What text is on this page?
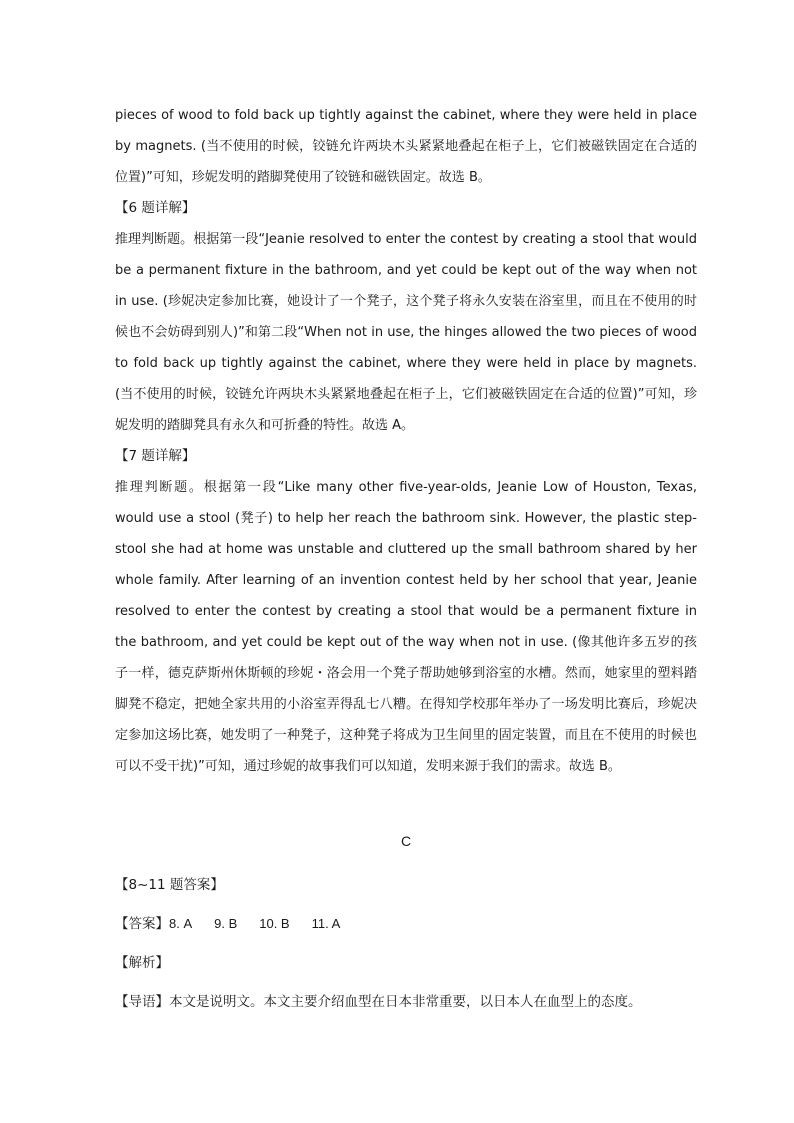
pieces of wood to fold back up tightly against the cabinet, where they were held in place by magnets. (当不使用的时候，铰链允许两块木头紧紧地叠起在柜子上，它们被磁铁固定在合适的位置)”可知，珍妮发明的踏脚凳使用了铰链和磁铁固定。故选 B。

【6 题详解】

推理判断题。根据第一段“Jeanie resolved to enter the contest by creating a stool that would be a permanent fixture in the bathroom, and yet could be kept out of the way when not in use. (珍妮决定参加比赛，她设计了一个凳子，这个凳子将永久安装在浴室里，而且在不使用的时候也不会妨碍到别人)”和第二段“When not in use, the hinges allowed the two pieces of wood to fold back up tightly against the cabinet, where they were held in place by magnets. (当不使用的时候，铰链允许两块木头紧紧地叠起在柜子上，它们被磁铁固定在合适的位置)”可知，珍妮发明的踏脚凳具有永久和可折叠的特性。故选 A。

【7 题详解】

推理判断题。根据第一段“Like many other five-year-olds, Jeanie Low of Houston, Texas, would use a stool (凳子) to help her reach the bathroom sink. However, the plastic step-stool she had at home was unstable and cluttered up the small bathroom shared by her whole family. After learning of an invention contest held by her school that year, Jeanie resolved to enter the contest by creating a stool that would be a permanent fixture in the bathroom, and yet could be kept out of the way when not in use. (像其他许多五岁的孩子一样，德克萨斯州休斯顿的珍妮・洛会用一个凳子帮助她够到浴室的水槽。然而，她家里的塑料踏脚凳不稳定，把她全家共用的小浴室弄得乱七八糟。在得知学校那年举办了一场发明比赛后，珍妮决定参加这场比赛，她发明了一种凳子，这种凳子将成为卫生间里的固定装置，而且在不使用的时候也可以不受干扰)”可知，通过珍妮的故事我们可以知道，发明来源于我们的需求。故选 B。

C

【8~11 题答案】

【答案】8. A 9. B 10. B 11. A

【解析】

【导语】本文是说明文。本文主要介绍血型在日本非常重要，以日本人在血型上的态度。
